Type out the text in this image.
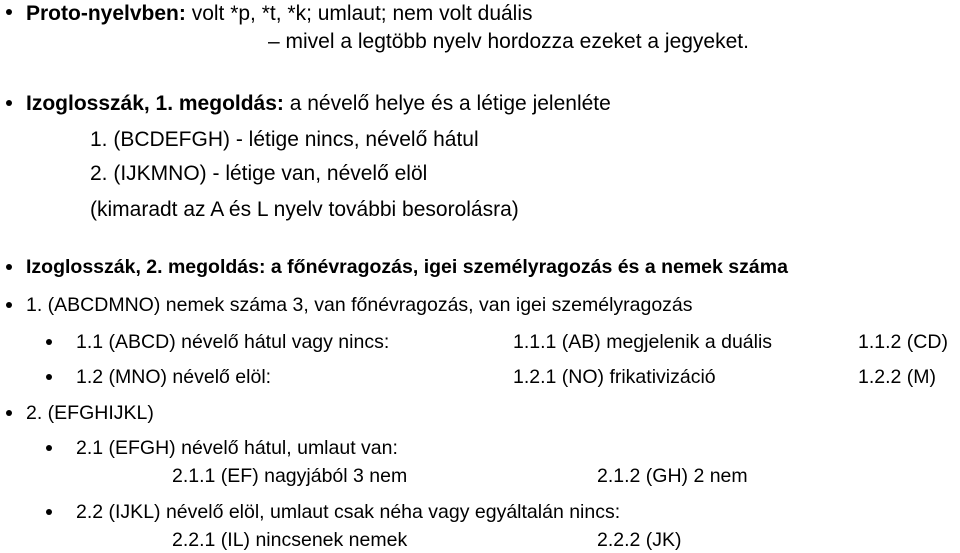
Proto-nyelvben: volt *p, *t, *k; umlaut; nem volt duális
– mivel a legtöbb nyelv hordozza ezeket a jegyeket.
Izoglosszák, 1. megoldás: a névelő helye és a létige jelenléte
1. (BCDEFGH) - létige nincs, névelő hátul
2. (IJKMNO) - létige van, névelő elöl
(kimaradt az A és L nyelv további besorolásra)
Izoglosszák, 2. megoldás: a főnévragozás, igei személyragozás és a nemek száma
1. (ABCDMNO) nemek száma 3, van főnévragozás, van igei személyragozás
1.1 (ABCD) névelő hátul vagy nincs:	1.1.1 (AB) megjelenik a duális	1.1.2 (CD)
1.2 (MNO) névelő elöl:	1.2.1 (NO) frikativizáció	1.2.2 (M)
2. (EFGHIJKL)
2.1 (EFGH) névelő hátul, umlaut van:
2.1.1 (EF) nagyjából 3 nem	2.1.2 (GH) 2 nem
2.2 (IJKL) névelő elöl, umlaut csak néha vagy egyáltalán nincs:
2.2.1 (IL) nincsenek nemek	2.2.2 (JK)
